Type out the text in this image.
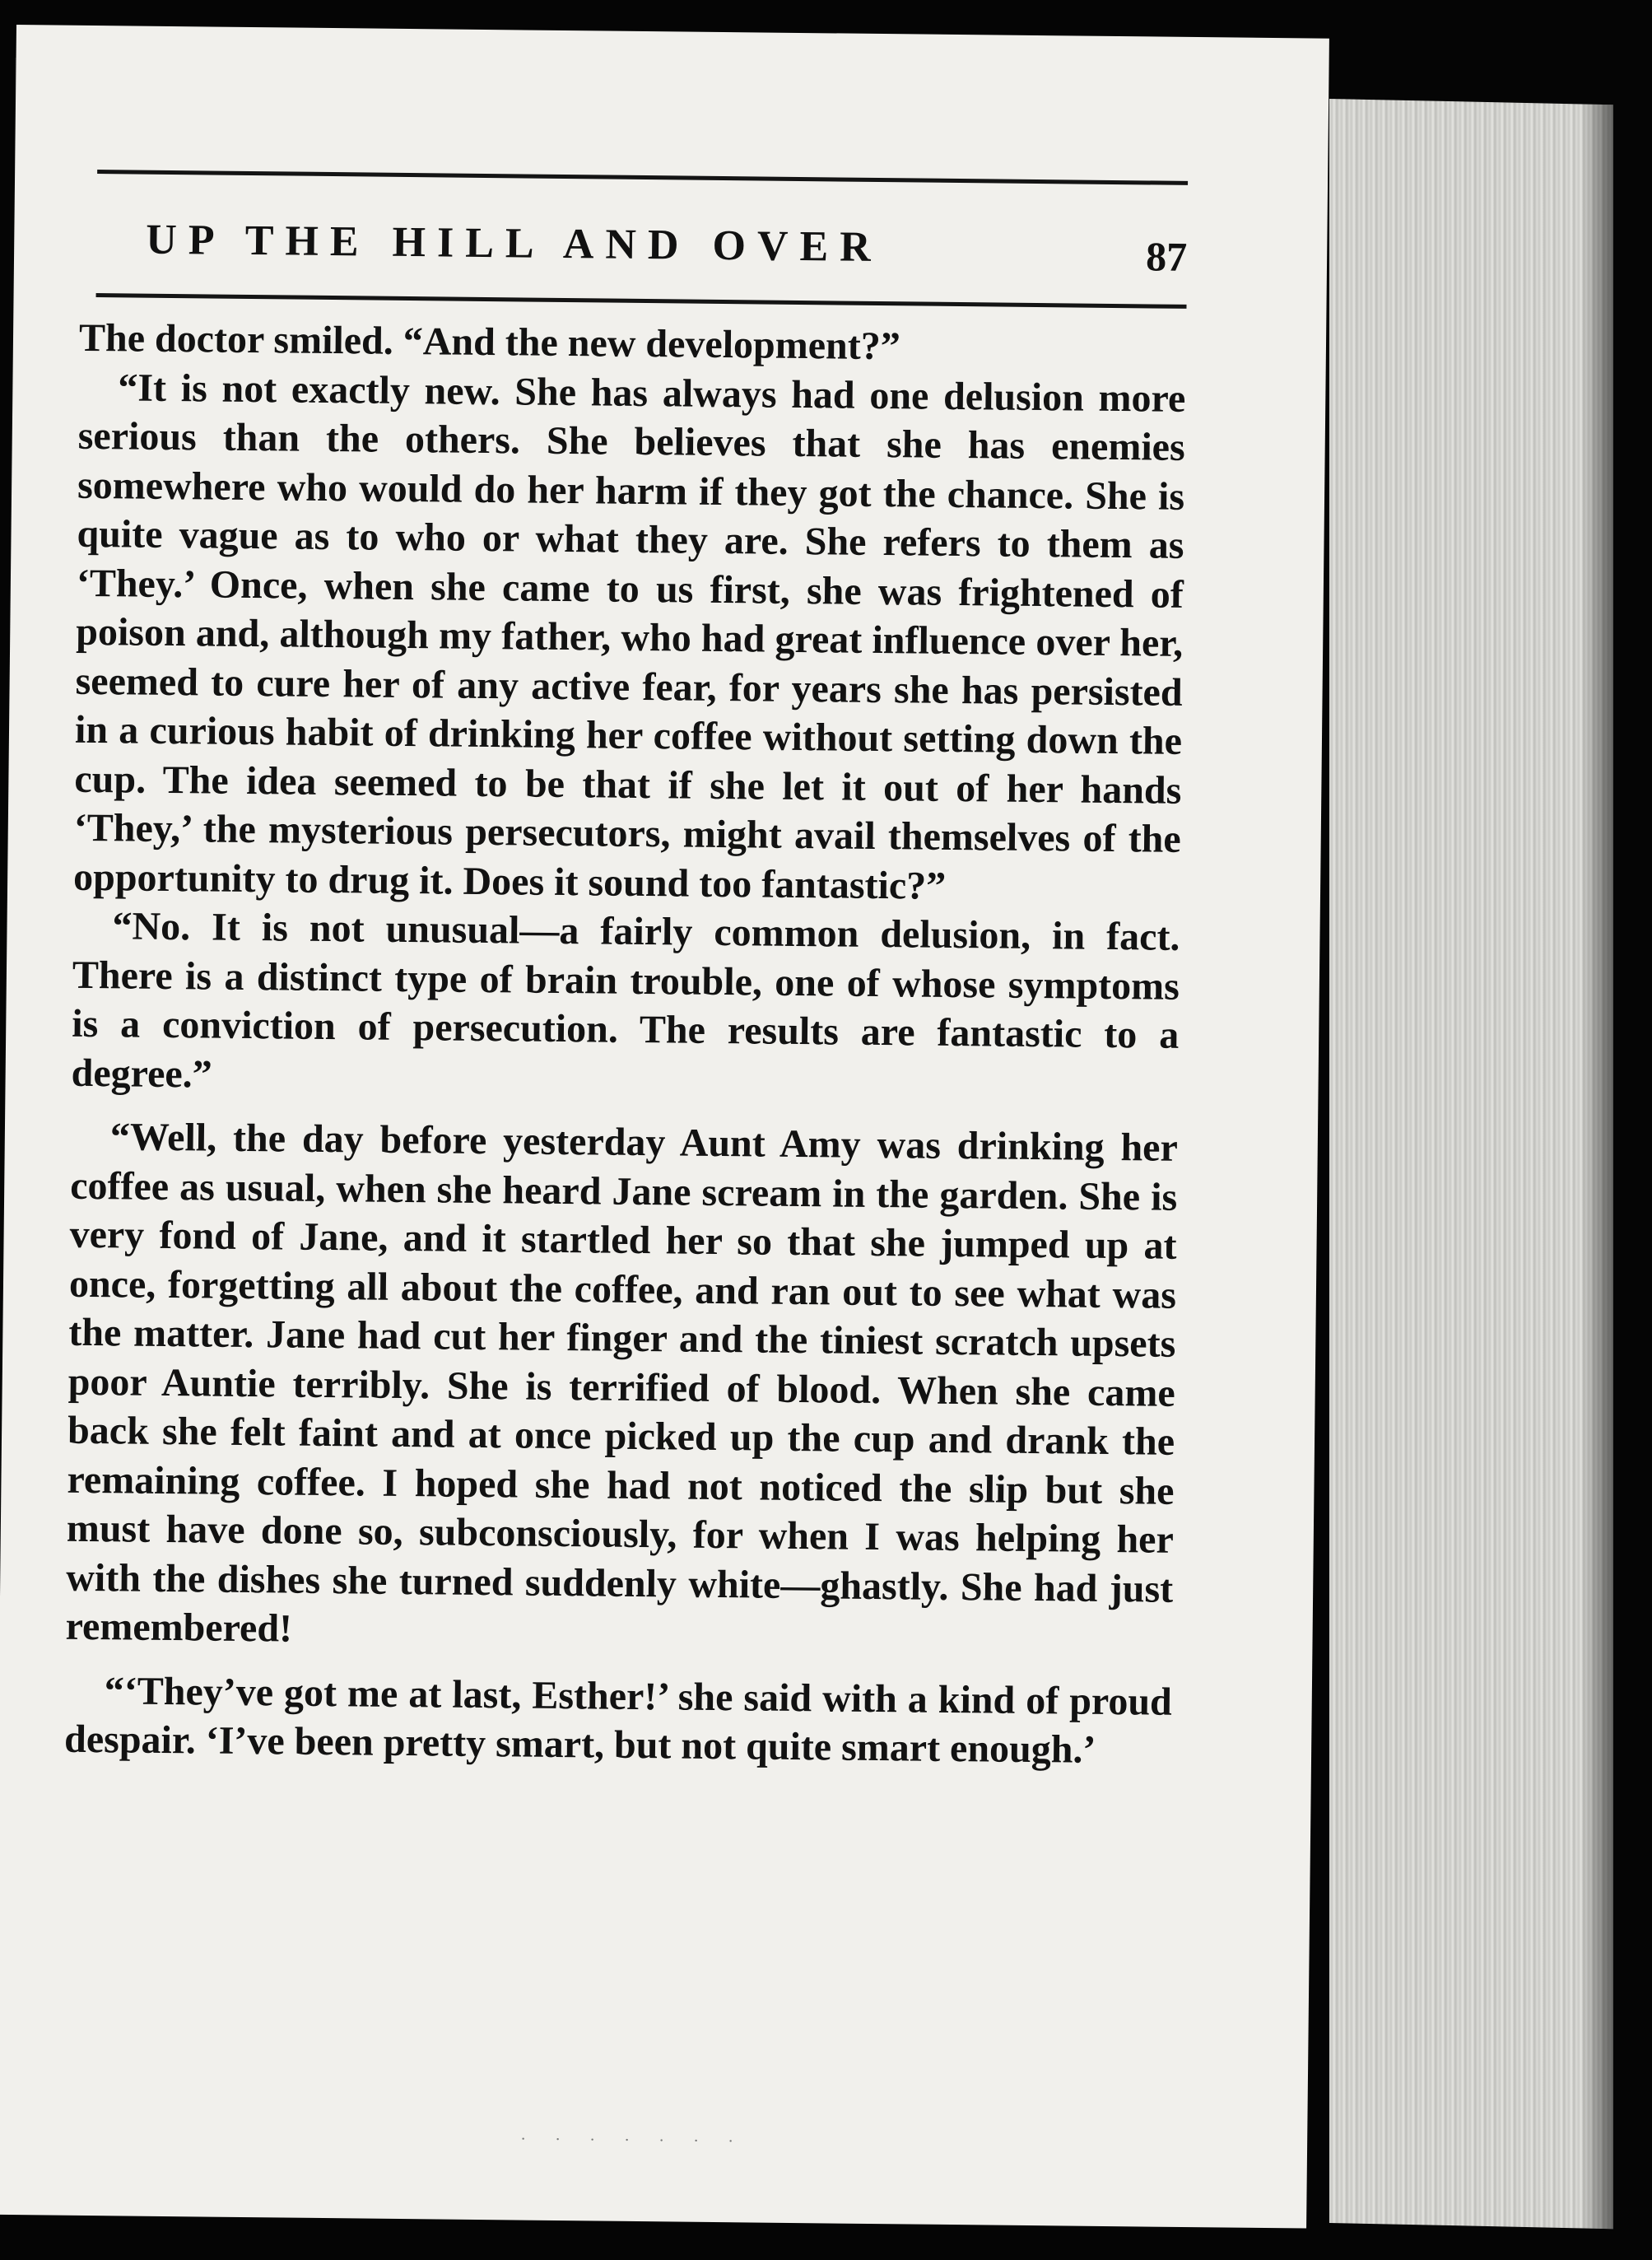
UP THE HILL AND OVER	87

The doctor smiled. “And the new development?”

“It is not exactly new. She has always had one delusion more serious than the others. She believes that she has enemies somewhere who would do her harm if they got the chance. She is quite vague as to who or what they are. She refers to them as ‘They.’ Once, when she came to us first, she was frightened of poison and, although my father, who had great influence over her, seemed to cure her of any active fear, for years she has persisted in a curious habit of drinking her coffee without setting down the cup. The idea seemed to be that if she let it out of her hands ‘They,’ the mysterious persecutors, might avail themselves of the opportunity to drug it. Does it sound too fantastic?”

“No. It is not unusual—a fairly common delusion, in fact. There is a distinct type of brain trouble, one of whose symptoms is a conviction of persecution. The results are fantastic to a degree.”

“Well, the day before yesterday Aunt Amy was drinking her coffee as usual, when she heard Jane scream in the garden. She is very fond of Jane, and it startled her so that she jumped up at once, forgetting all about the coffee, and ran out to see what was the matter. Jane had cut her finger and the tiniest scratch upsets poor Auntie terribly. She is terrified of blood. When she came back she felt faint and at once picked up the cup and drank the remaining coffee. I hoped she had not noticed the slip but she must have done so, subconsciously, for when I was helping her with the dishes she turned suddenly white—ghastly. She had just remembered!

“‘They’ve got me at last, Esther!’ she said with a kind of proud despair. ‘I’ve been pretty smart, but not quite smart enough.’

. . . . . . .
